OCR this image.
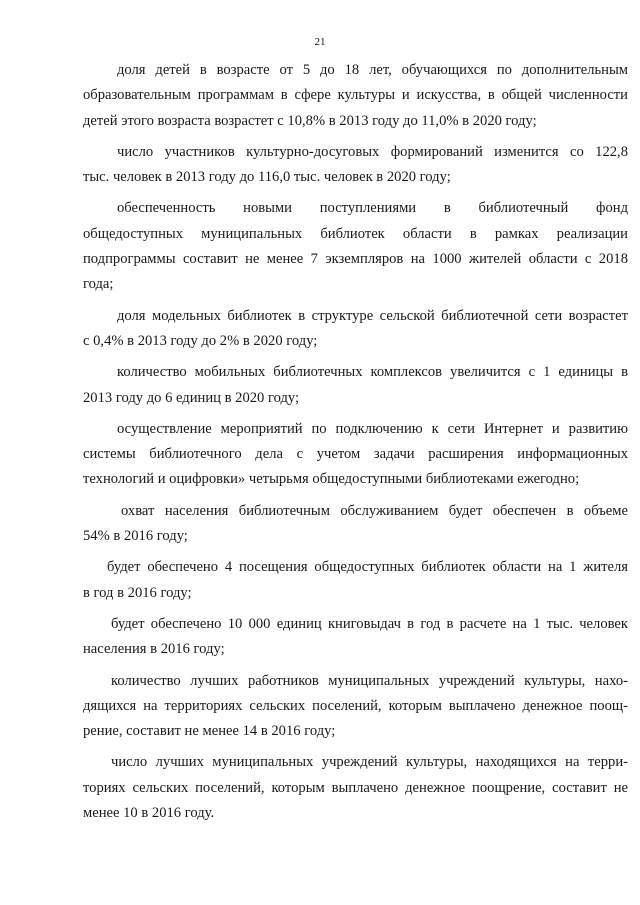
21
доля детей в возрасте от 5 до 18 лет, обучающихся по дополнительным
образовательным программам в сфере культуры и искусства, в общей численности
детей этого возраста возрастет с 10,8% в 2013 году до 11,0% в 2020 году;
число участников культурно-досуговых формирований изменится со 122,8
тыс. человек в 2013 году до 116,0 тыс. человек в 2020 году;
обеспеченность новыми поступлениями в библиотечный фонд
общедоступных муниципальных библиотек области в рамках реализации
подпрограммы составит не менее 7 экземпляров на 1000 жителей области с 2018
года;
доля модельных библиотек в структуре сельской библиотечной сети возрастет
с 0,4% в 2013 году до 2% в 2020 году;
количество мобильных библиотечных комплексов увеличится с 1 единицы в
2013 году до 6 единиц в 2020 году;
осуществление мероприятий по подключению к сети Интернет и развитию
системы библиотечного дела с учетом задачи расширения информационных
технологий и оцифровки» четырьмя общедоступными библиотеками ежегодно;
охват населения библиотечным обслуживанием будет обеспечен в объеме
54% в 2016 году;
будет обеспечено 4 посещения общедоступных библиотек области на 1 жителя
в год в 2016 году;
будет обеспечено 10 000 единиц книговыдач в год в расчете на 1 тыс. человек
населения в 2016 году;
количество лучших работников муниципальных учреждений культуры, нахо-
дящихся на территориях сельских поселений, которым выплачено денежное поощ-
рение, составит не менее 14 в 2016 году;
число лучших муниципальных учреждений культуры, находящихся на терри-
ториях сельских поселений, которым выплачено денежное поощрение, составит не
менее 10 в 2016 году.
